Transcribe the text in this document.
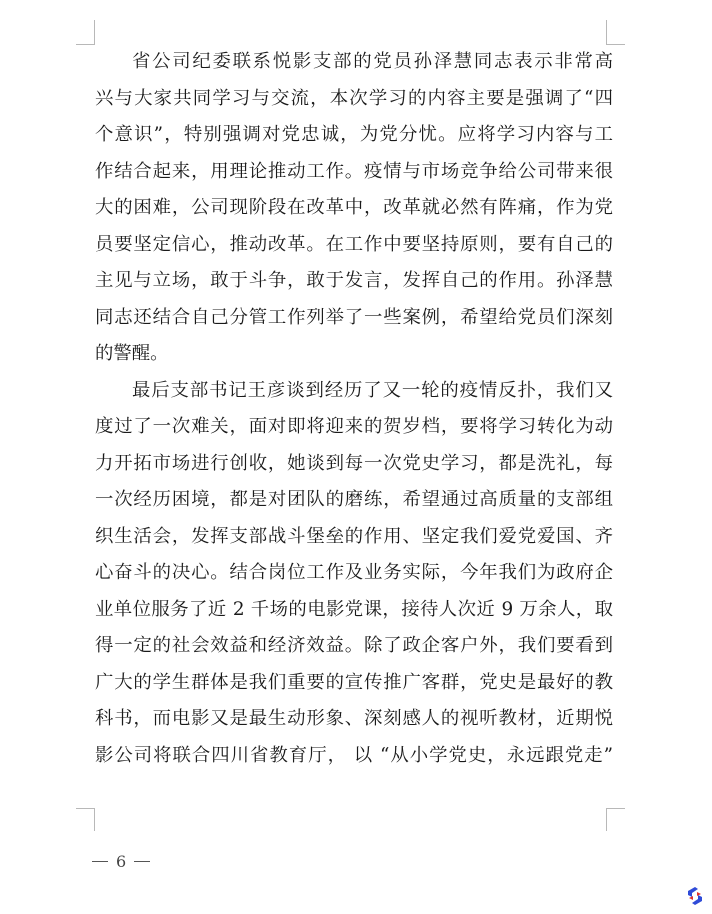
省公司纪委联系悦影支部的党员孙泽慧同志表示非常高
兴与大家共同学习与交流，本次学习的内容主要是强调了“四
个意识”，特别强调对党忠诚，为党分忧。应将学习内容与工
作结合起来，用理论推动工作。疫情与市场竞争给公司带来很
大的困难，公司现阶段在改革中，改革就必然有阵痛，作为党
员要坚定信心，推动改革。在工作中要坚持原则，要有自己的
主见与立场，敢于斗争，敢于发言，发挥自己的作用。孙泽慧
同志还结合自己分管工作列举了一些案例，希望给党员们深刻
的警醒。
最后支部书记王彦谈到经历了又一轮的疫情反扑，我们又
度过了一次难关，面对即将迎来的贺岁档，要将学习转化为动
力开拓市场进行创收，她谈到每一次党史学习，都是洗礼，每
一次经历困境，都是对团队的磨练，希望通过高质量的支部组
织生活会，发挥支部战斗堡垒的作用、坚定我们爱党爱国、齐
心奋斗的决心。结合岗位工作及业务实际，今年我们为政府企
业单位服务了近 2 千场的电影党课，接待人次近 9 万余人，取
得一定的社会效益和经济效益。除了政企客户外，我们要看到
广大的学生群体是我们重要的宣传推广客群，党史是最好的教
科书，而电影又是最生动形象、深刻感人的视听教材，近期悦
影公司将联合四川省教育厅， 以 “从小学党史，永远跟党走”
6
